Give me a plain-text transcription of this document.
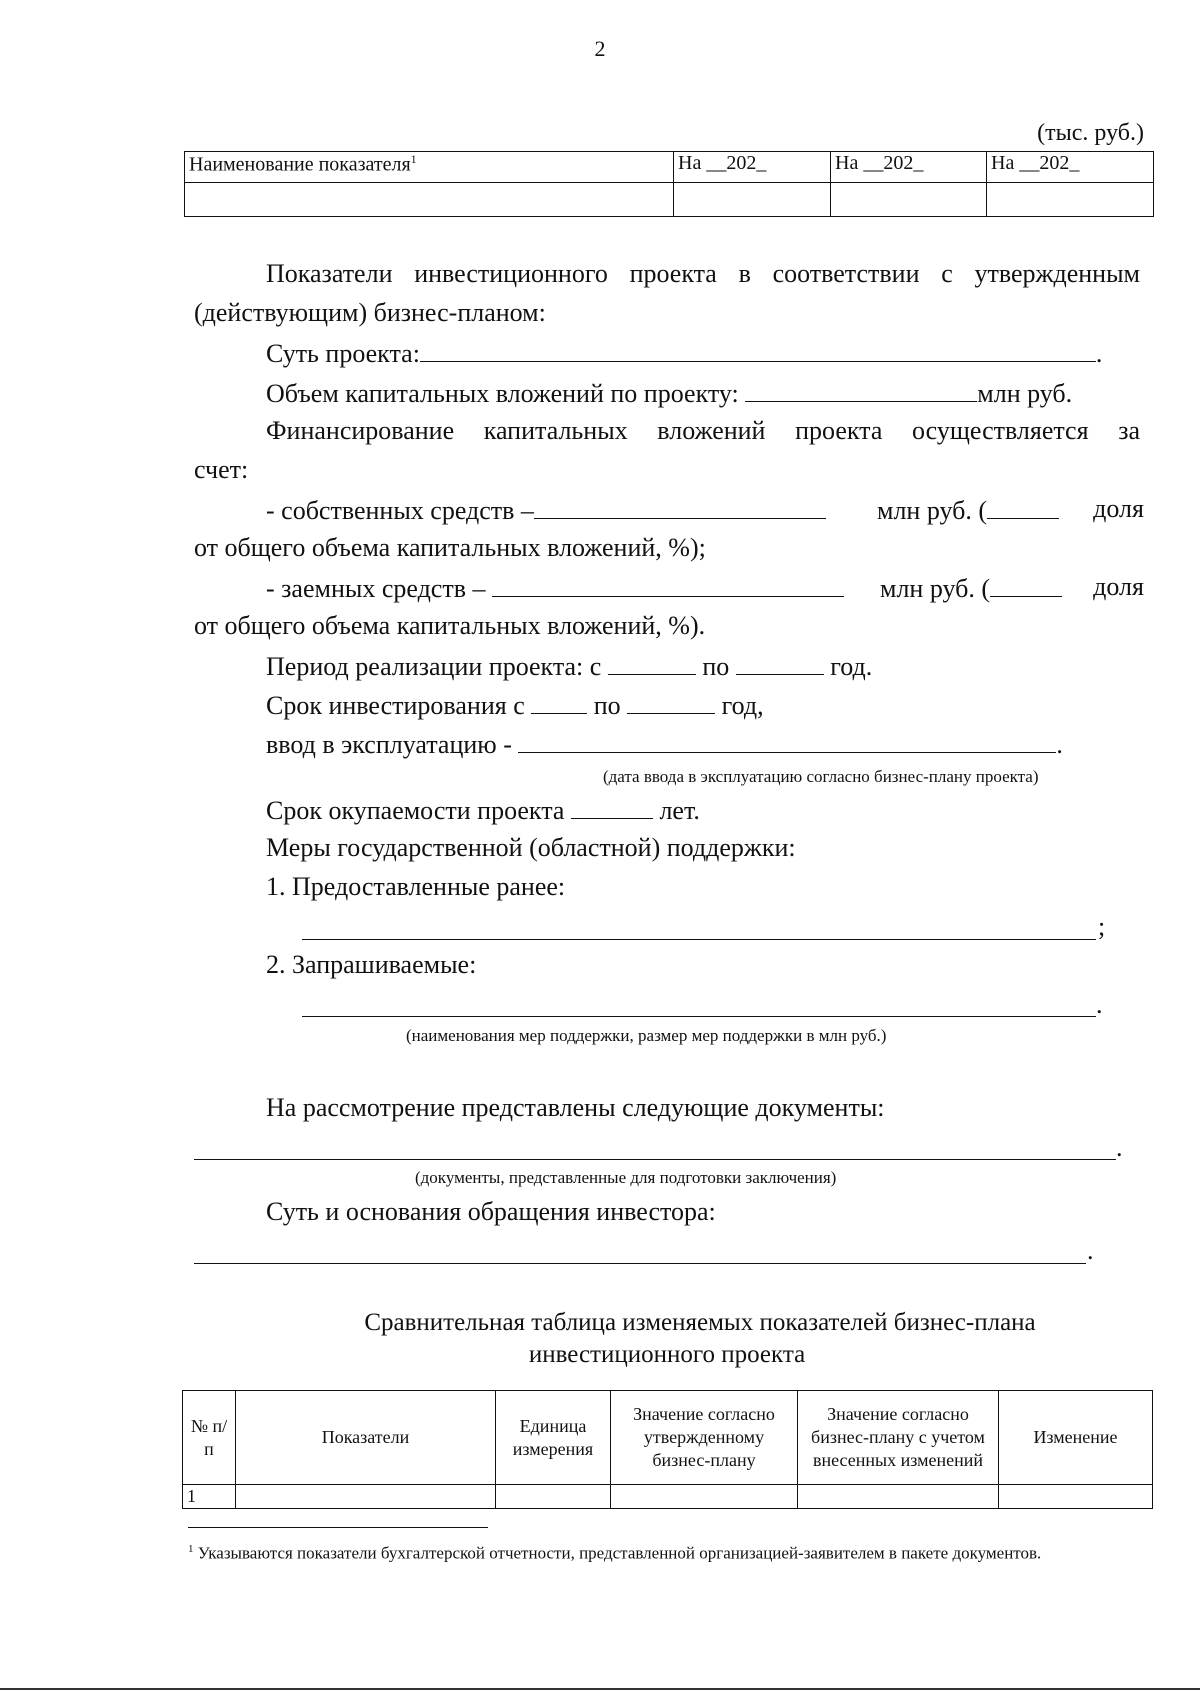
2
(тыс. руб.)
Наименование показателя$^1$	На __202_	На __202_	На __202_

Показатели инвестиционного проекта в соответствии с утвержденным
(действующим) бизнес-планом:
Суть проекта:	.
Объем капитальных вложений по проекту:	млн руб.
Финансирование капитальных вложений проекта осуществляется за
счет:
- собственных средств –	млн руб. (	доля
от общего объема капитальных вложений, %);
- заемных средств –	млн руб. (	доля
от общего объема капитальных вложений, %).
Период реализации проекта: с	по	год.
Срок инвестирования с	по	год,
ввод в эксплуатацию -	.
(дата ввода в эксплуатацию согласно бизнес-плану проекта)
Срок окупаемости проекта	лет.
Меры государственной (областной) поддержки:
1. Предоставленные ранее:
;
2. Запрашиваемые:
.
(наименования мер поддержки, размер мер поддержки в млн руб.)
На рассмотрение представлены следующие документы:
.
(документы, представленные для подготовки заключения)
Суть и основания обращения инвестора:
.
Сравнительная таблица изменяемых показателей бизнес-плана
инвестиционного проекта
№ п/п	Показатели	Единица измерения	Значение согласно утвержденному бизнес-плану	Значение согласно бизнес-плану с учетом внесенных изменений	Изменение
1					
$^1$ Указываются показатели бухгалтерской отчетности, представленной организацией-заявителем в пакете документов.
